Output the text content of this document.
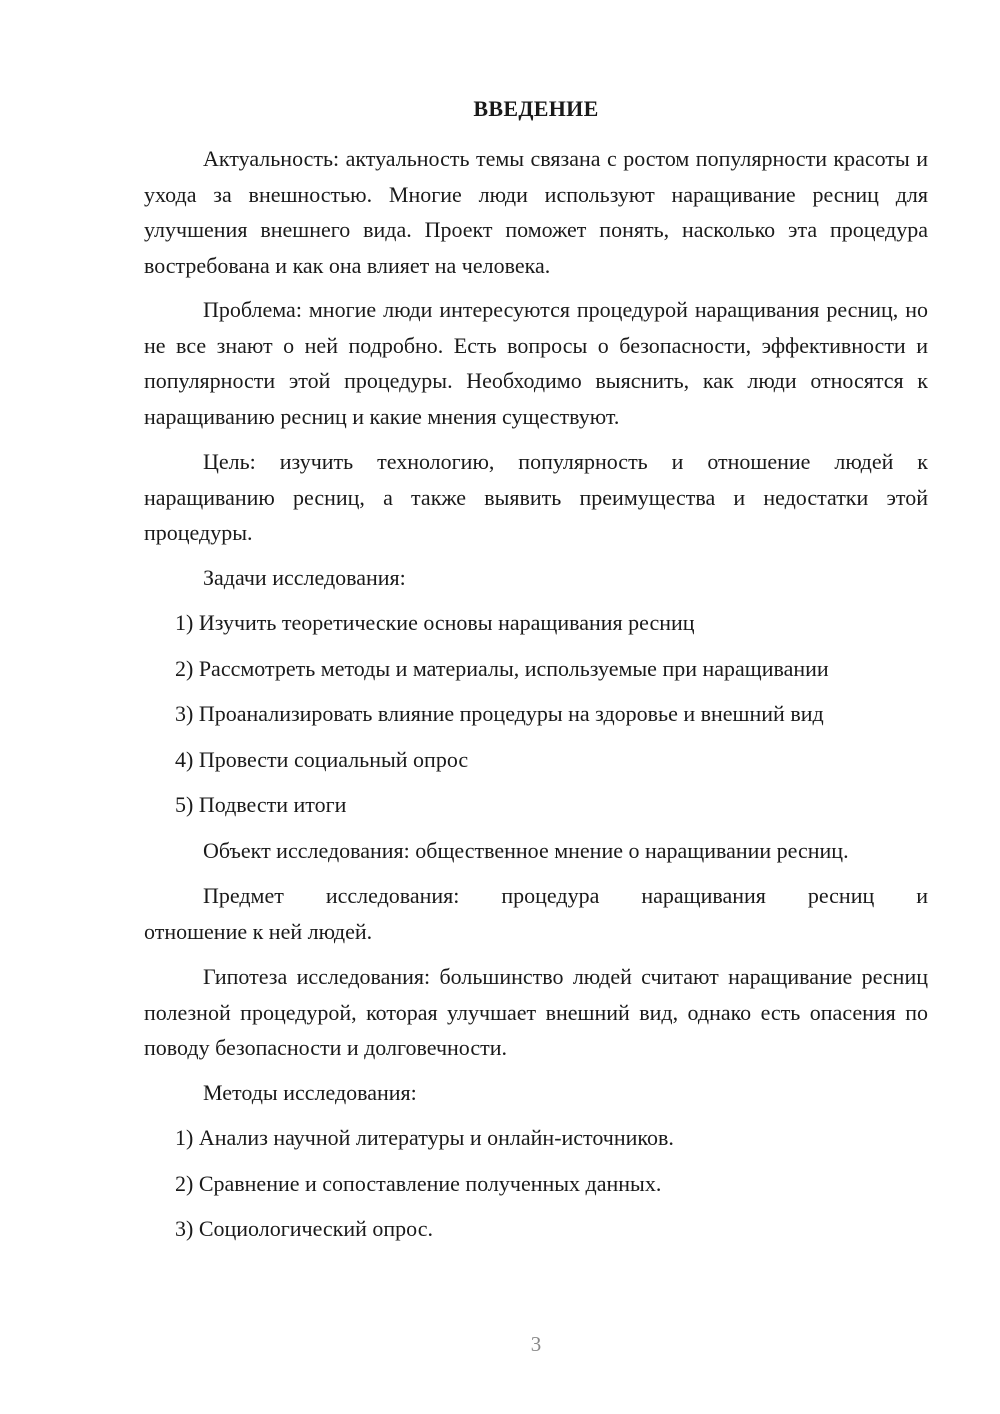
ВВЕДЕНИЕ

Актуальность: актуальность темы связана с ростом популярности красоты и ухода за внешностью. Многие люди используют наращивание ресниц для улучшения внешнего вида. Проект поможет понять, насколько эта процедура востребована и как она влияет на человека.

Проблема: многие люди интересуются процедурой наращивания ресниц, но не все знают о ней подробно. Есть вопросы о безопасности, эффективности и популярности этой процедуры. Необходимо выяснить, как люди относятся к наращиванию ресниц и какие мнения существуют.

Цель: изучить технологию, популярность и отношение людей к наращиванию ресниц, а также выявить преимущества и недостатки этой процедуры.

Задачи исследования:

1) Изучить теоретические основы наращивания ресниц

2) Рассмотреть методы и материалы, используемые при наращивании

3) Проанализировать влияние процедуры на здоровье и внешний вид

4) Провести социальный опрос

5) Подвести итоги

Объект исследования: общественное мнение о наращивании ресниц.

Предмет исследования: процедура наращивания ресниц и

отношение к ней людей.

Гипотеза исследования: большинство людей считают наращивание ресниц полезной процедурой, которая улучшает внешний вид, однако есть опасения по поводу безопасности и долговечности.

Методы исследования:

1) Анализ научной литературы и онлайн-источников.

2) Сравнение и сопоставление полученных данных.

3) Социологический опрос.

3
